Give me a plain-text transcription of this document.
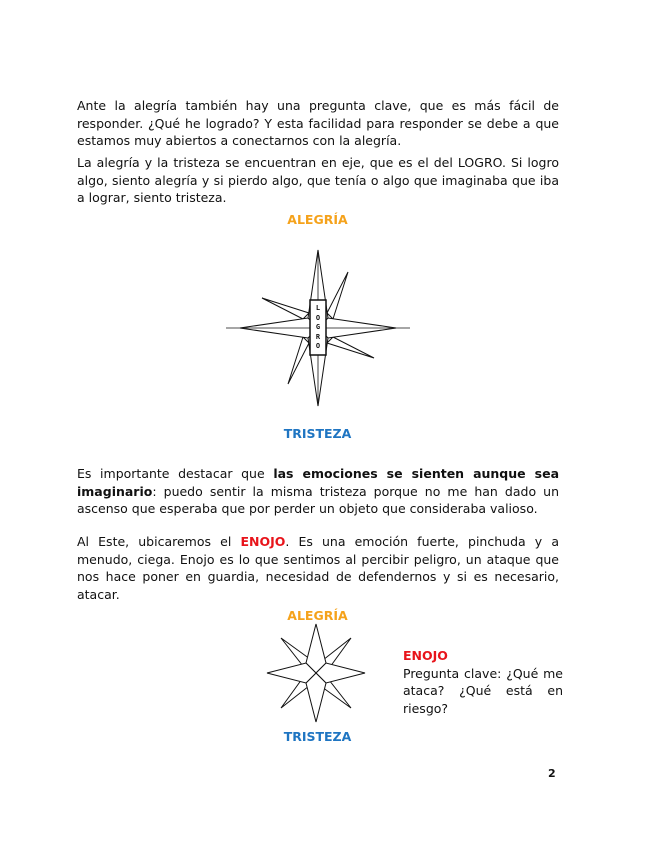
Ante la alegría también hay una pregunta clave, que es más fácil de responder. ¿Qué he logrado? Y esta facilidad para responder se debe a que estamos muy abiertos a conectarnos con la alegría.

La alegría y la tristeza se encuentran en eje, que es el del LOGRO. Si logro algo, siento alegría y si pierdo algo, que tenía o algo que imaginaba que iba a lograr, siento tristeza.

ALEGRÍA
LOGRO
TRISTEZA

Es importante destacar que las emociones se sienten aunque sea imaginario: puedo sentir la misma tristeza porque no me han dado un ascenso que esperaba que por perder un objeto que consideraba valioso.

Al Este, ubicaremos el ENOJO. Es una emoción fuerte, pinchuda y a menudo, ciega. Enojo es lo que sentimos al percibir peligro, un ataque que nos hace poner en guardia, necesidad de defendernos y si es necesario, atacar.

ALEGRÍA
TRISTEZA
ENOJO
Pregunta clave: ¿Qué me ataca? ¿Qué está en riesgo?
2
